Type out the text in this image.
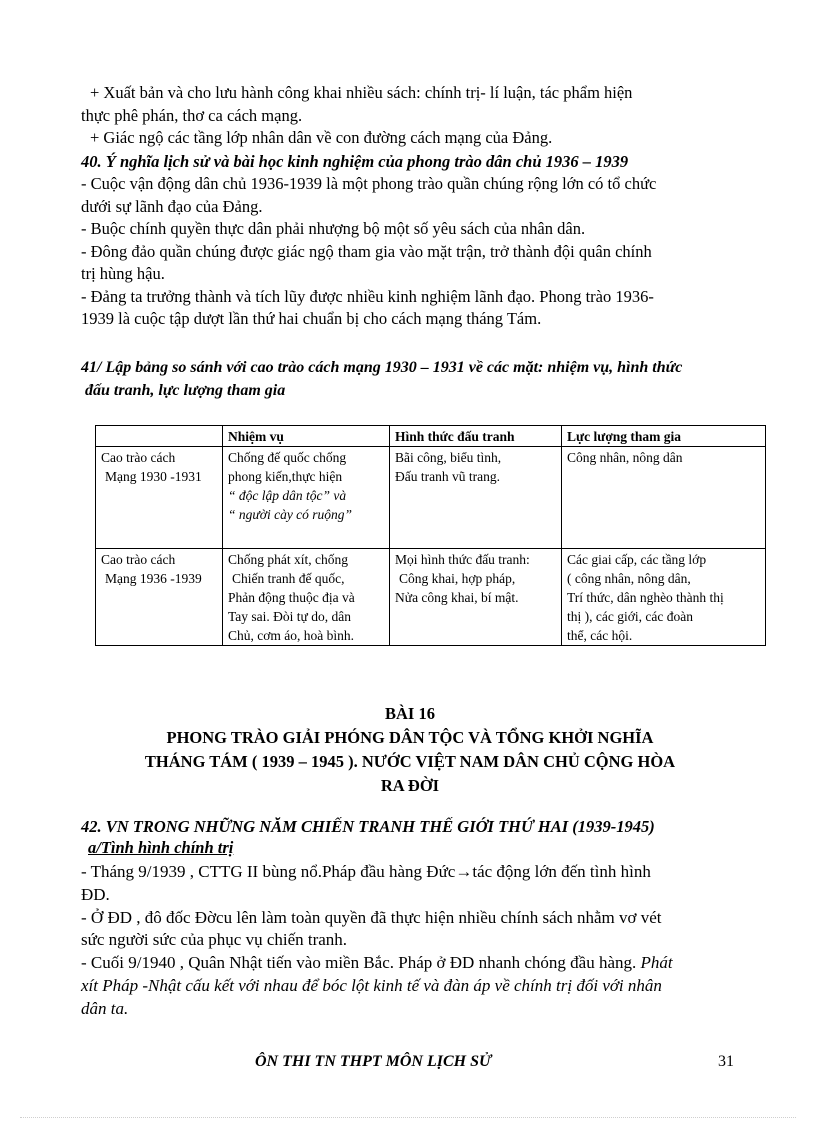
+ Xuất bản và cho lưu hành công khai nhiều sách: chính trị- lí luận, tác phẩm hiện
thực phê phán, thơ ca cách mạng.
+ Giác ngộ các tầng lớp nhân dân về con đường cách mạng của Đảng.
40. Ý nghĩa lịch sử và bài học kinh nghiệm của phong trào dân chủ 1936 – 1939
- Cuộc vận động dân chủ 1936-1939 là một phong trào quần chúng rộng lớn có tổ chức
dưới sự lãnh đạo của Đảng.
- Buộc chính quyền thực dân phải nhượng bộ một số yêu sách của nhân dân.
- Đông đảo quần chúng được giác ngộ tham gia vào mặt trận, trở thành đội quân chính
trị hùng hậu.
- Đảng ta trưởng thành và tích lũy được nhiều kinh nghiệm lãnh đạo. Phong trào 1936-
1939 là cuộc tập dượt lần thứ hai chuẩn bị cho cách mạng tháng Tám.
41/ Lập bảng so sánh với cao trào cách mạng 1930 – 1931 về các mặt: nhiệm vụ, hình thức
đấu tranh, lực lượng tham gia
	Nhiệm vụ	Hình thức đấu tranh	Lực lượng tham gia

Cao trào cách
Mạng 1930 -1931	Chống đế quốc chống
phong kiến,thực hiện
“ độc lập dân tộc” và
“ người cày có ruộng”	Bãi công, biểu tình,
Đấu tranh vũ trang.	Công nhân, nông dân

Cao trào cách
Mạng 1936 -1939	Chống phát xít, chống
Chiến tranh đế quốc,
Phản động thuộc địa và
Tay sai. Đòi tự do, dân
Chủ, cơm áo, hoà bình.	Mọi hình thức đấu tranh:
Công khai, hợp pháp,
Nửa công khai, bí mật.	Các giai cấp, các tầng lớp
( công nhân, nông dân,
Trí thức, dân nghèo thành thị
thị ), các giới, các đoàn
thể, các hội.
BÀI 16
PHONG TRÀO GIẢI PHÓNG DÂN TỘC VÀ TỔNG KHỞI NGHĨA
THÁNG TÁM ( 1939 – 1945 ). NƯỚC VIỆT NAM DÂN CHỦ CỘNG HÒA
RA ĐỜI
42. VN TRONG NHỮNG NĂM CHIẾN TRANH THẾ GIỚI THỨ HAI (1939-1945)
a/Tình hình chính trị
- Tháng 9/1939 , CTTG II bùng nổ.Pháp đầu hàng Đức→tác động lớn đến tình hình
ĐD.
- Ở ĐD , đô đốc Đờcu lên làm toàn quyền đã thực hiện nhiều chính sách nhằm vơ vét
sức người sức của phục vụ chiến tranh.
- Cuối 9/1940 , Quân Nhật tiến vào miền Bắc. Pháp ở ĐD nhanh chóng đầu hàng. Phát
xít Pháp -Nhật cấu kết với nhau để bóc lột kinh tế và đàn áp về chính trị đối với nhân
dân ta.
ÔN THI TN THPT MÔN LỊCH SỬ	31
